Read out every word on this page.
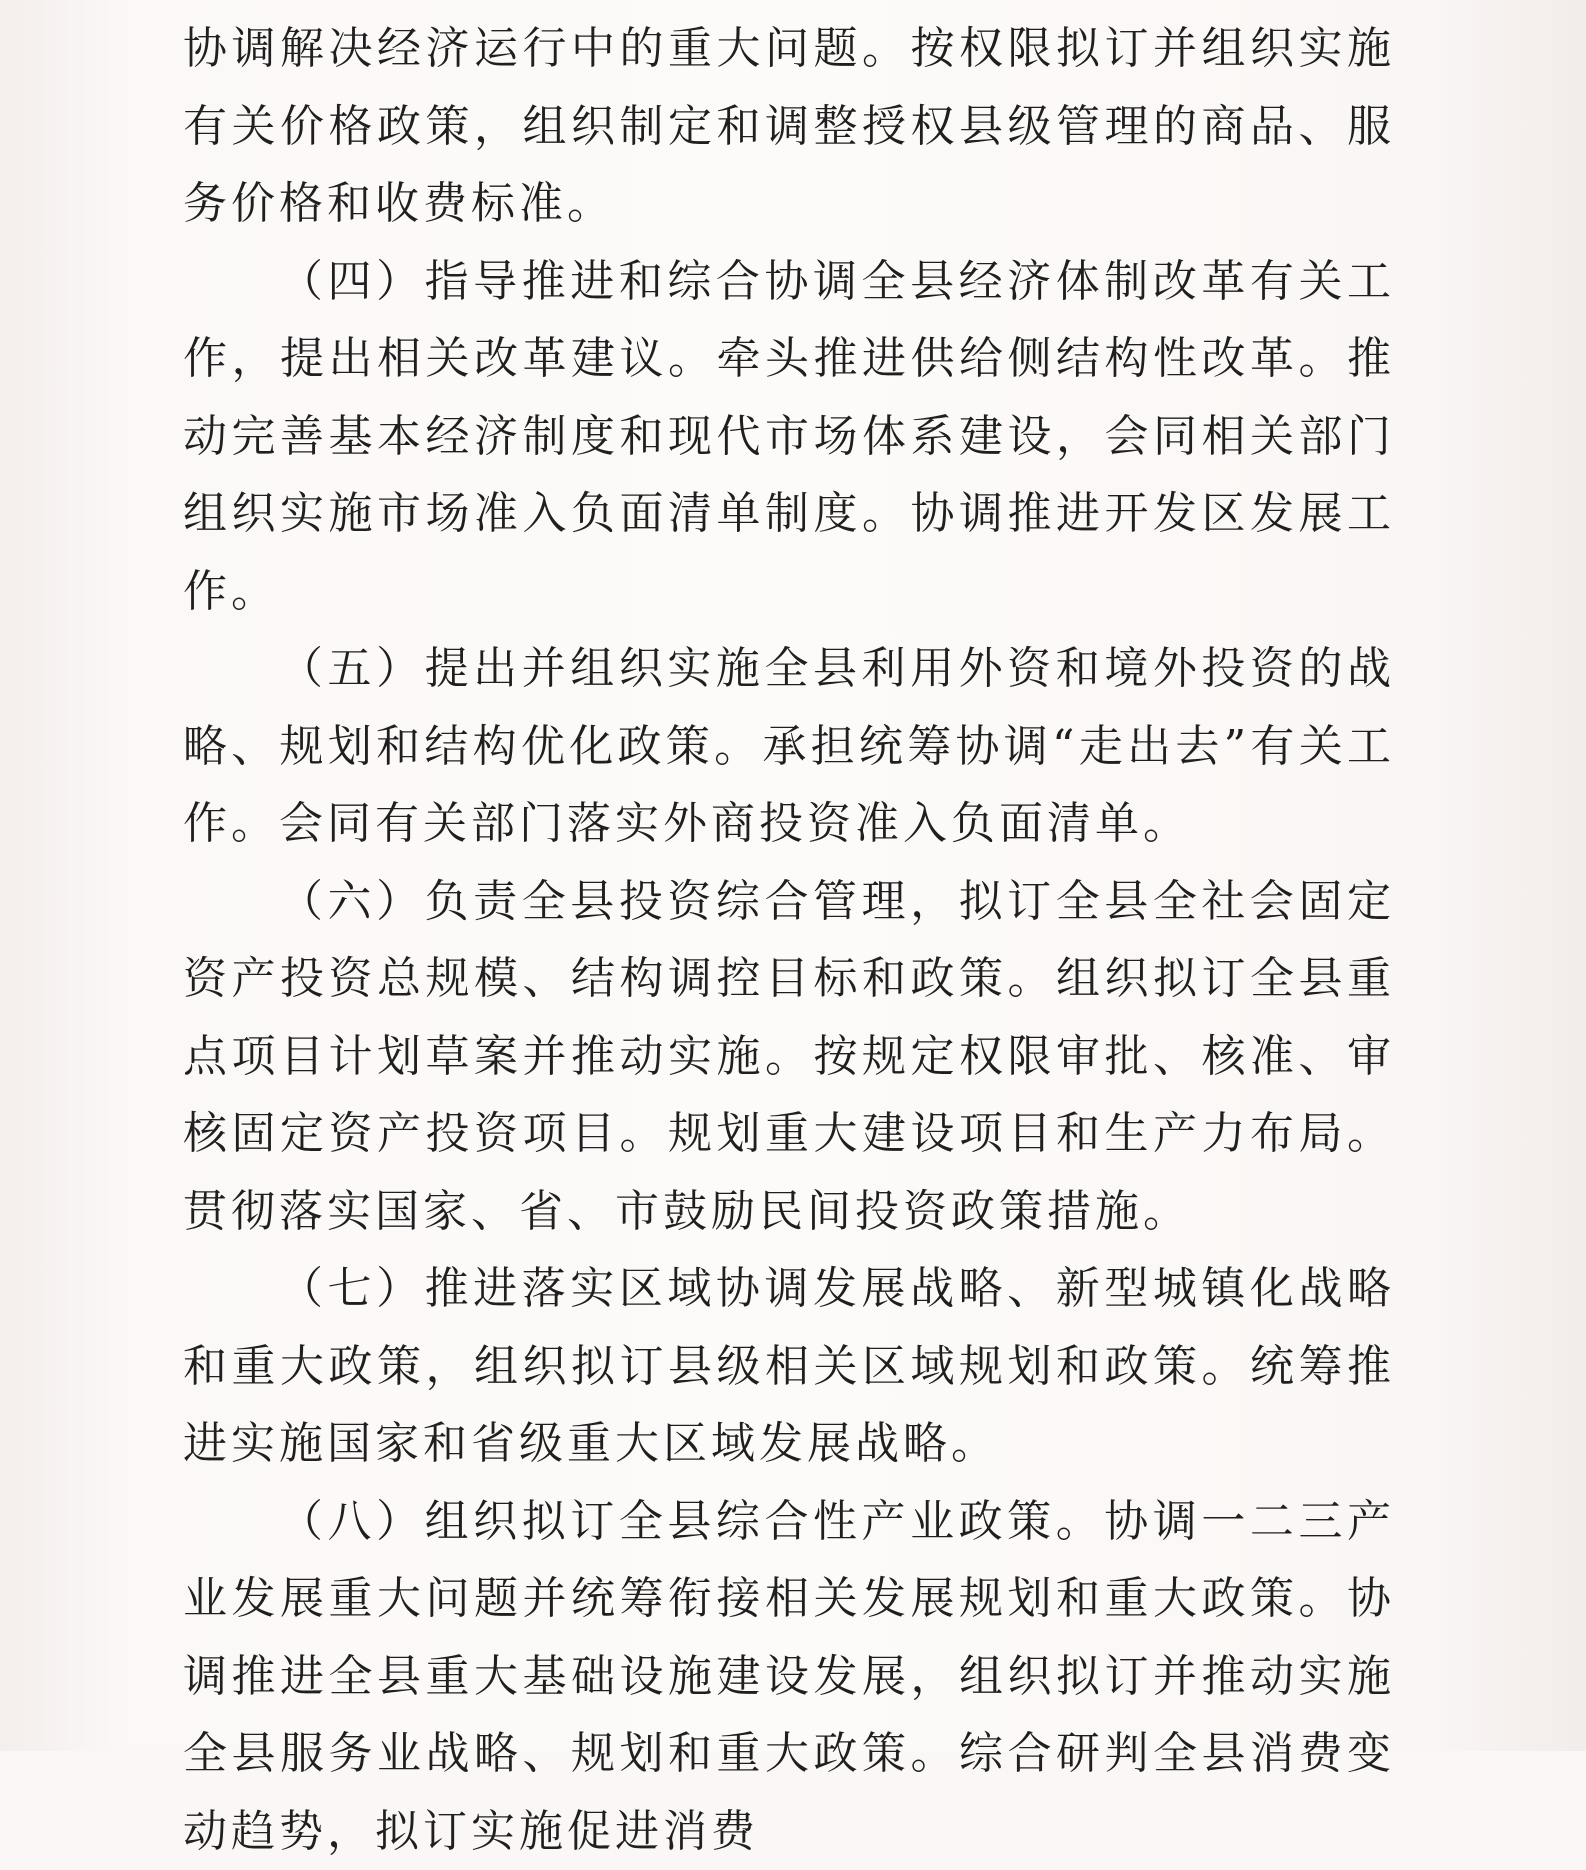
协调解决经济运行中的重大问题。按权限拟订并组织实施有关价格政策，组织制定和调整授权县级管理的商品、服务价格和收费标准。

（四）指导推进和综合协调全县经济体制改革有关工作，提出相关改革建议。牵头推进供给侧结构性改革。推动完善基本经济制度和现代市场体系建设，会同相关部门组织实施市场准入负面清单制度。协调推进开发区发展工作。

（五）提出并组织实施全县利用外资和境外投资的战略、规划和结构优化政策。承担统筹协调“走出去”有关工作。会同有关部门落实外商投资准入负面清单。

（六）负责全县投资综合管理，拟订全县全社会固定资产投资总规模、结构调控目标和政策。组织拟订全县重点项目计划草案并推动实施。按规定权限审批、核准、审核固定资产投资项目。规划重大建设项目和生产力布局。贯彻落实国家、省、市鼓励民间投资政策措施。

（七）推进落实区域协调发展战略、新型城镇化战略和重大政策，组织拟订县级相关区域规划和政策。统筹推进实施国家和省级重大区域发展战略。

（八）组织拟订全县综合性产业政策。协调一二三产业发展重大问题并统筹衔接相关发展规划和重大政策。协调推进全县重大基础设施建设发展，组织拟订并推动实施全县服务业战略、规划和重大政策。综合研判全县消费变动趋势，拟订实施促进消费
